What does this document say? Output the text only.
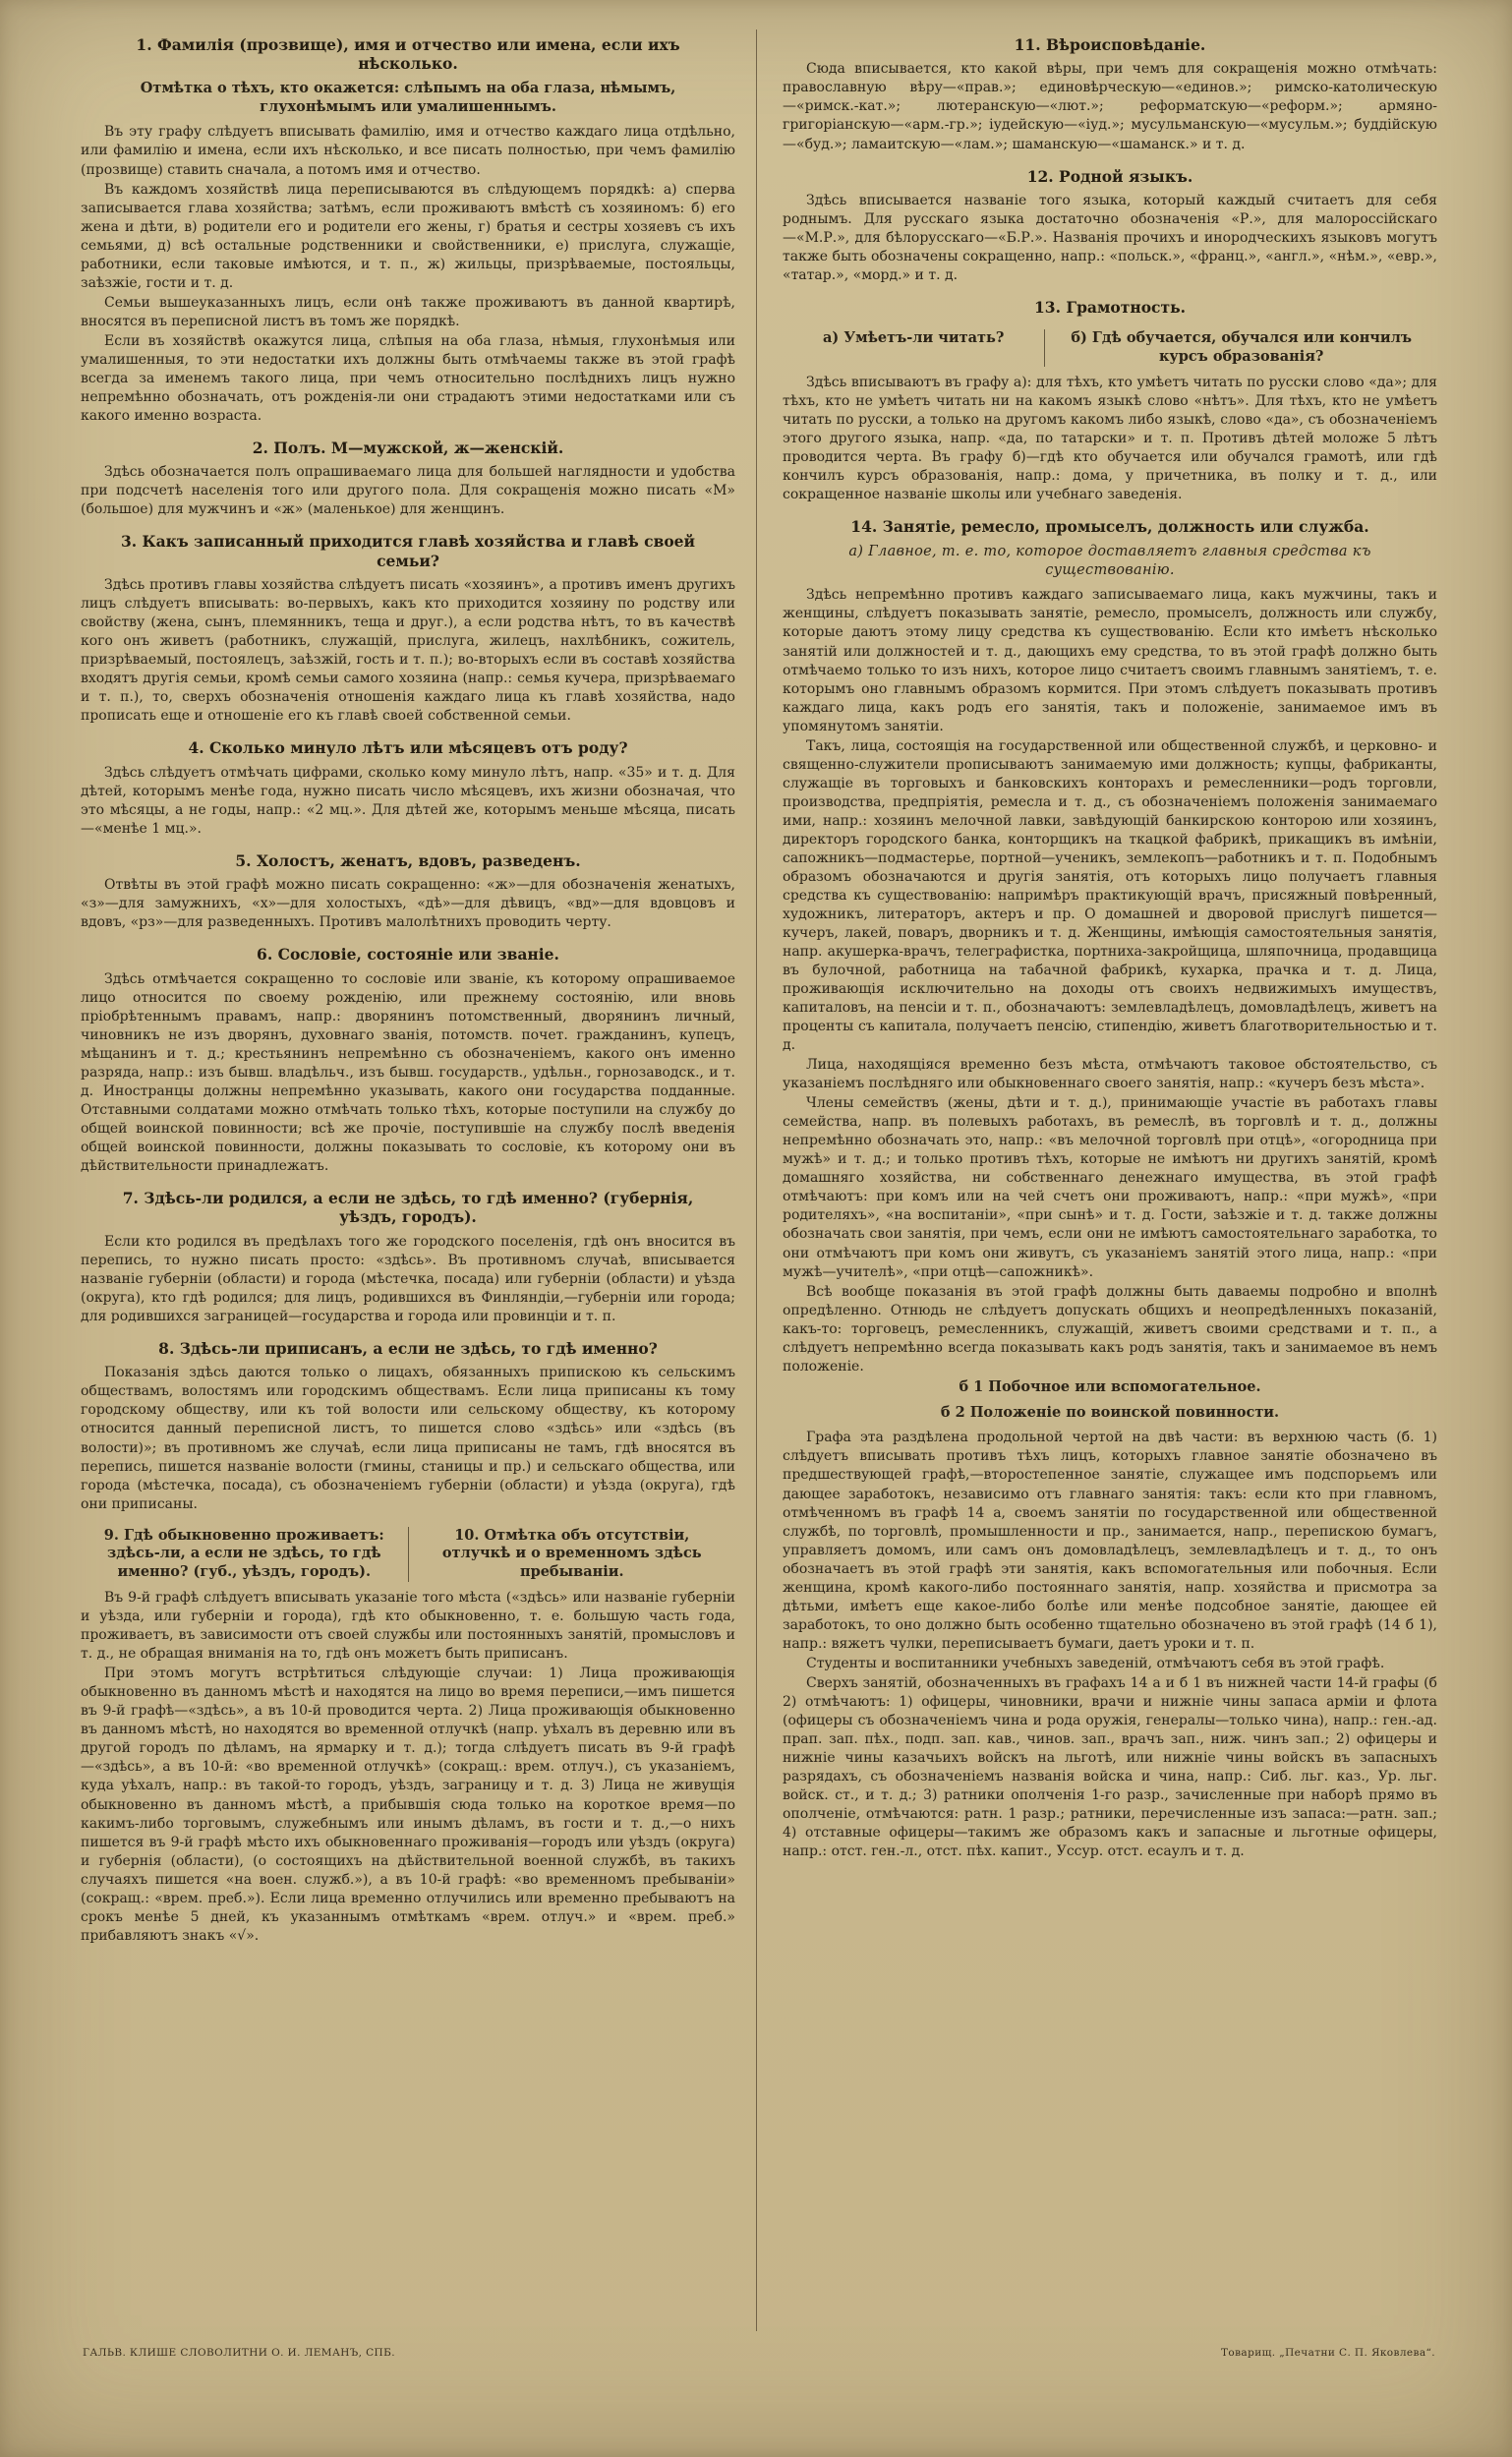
1. Фамилія (прозвище), имя и отчество или имена, если ихъ нѣсколько.
Отмѣтка о тѣхъ, кто окажется: слѣпымъ на оба глаза, нѣмымъ, глухонѣмымъ или умалишеннымъ.

Въ эту графу слѣдуетъ вписывать фамилію, имя и отчество каждаго лица отдѣльно, или фамилію и имена, если ихъ нѣсколько, и все писать полностью, при чемъ фамилію (прозвище) ставить сначала, а потомъ имя и отчество.

Въ каждомъ хозяйствѣ лица переписываются въ слѣдующемъ порядкѣ: а) сперва записывается глава хозяйства; затѣмъ, если проживаютъ вмѣстѣ съ хозяиномъ: б) его жена и дѣти, в) родители его и родители его жены, г) братья и сестры хозяевъ съ ихъ семьями, д) всѣ остальные родственники и свойственники, е) прислуга, служащіе, работники, если таковые имѣются, и т. п., ж) жильцы, призрѣваемые, постояльцы, заѣзжіе, гости и т. д.

Семьи вышеуказанныхъ лицъ, если онѣ также проживаютъ въ данной квартирѣ, вносятся въ переписной листъ въ томъ же порядкѣ.

Если въ хозяйствѣ окажутся лица, слѣпыя на оба глаза, нѣмыя, глухонѣмыя или умалишенныя, то эти недостатки ихъ должны быть отмѣчаемы также въ этой графѣ всегда за именемъ такого лица, при чемъ относительно послѣднихъ лицъ нужно непремѣнно обозначать, отъ рожденія-ли они страдаютъ этими недостатками или съ какого именно возраста.

2. Полъ. М—мужской, ж—женскій.

Здѣсь обозначается полъ опрашиваемаго лица для большей наглядности и удобства при подсчетѣ населенія того или другого пола. Для сокращенія можно писать «М» (большое) для мужчинъ и «ж» (маленькое) для женщинъ.

3. Какъ записанный приходится главѣ хозяйства и главѣ своей семьи?

Здѣсь противъ главы хозяйства слѣдуетъ писать «хозяинъ», а противъ именъ другихъ лицъ слѣдуетъ вписывать: во-первыхъ, какъ кто приходится хозяину по родству или свойству (жена, сынъ, племянникъ, теща и друг.), а если родства нѣтъ, то въ качествѣ кого онъ живетъ (работникъ, служащій, прислуга, жилецъ, нахлѣбникъ, сожитель, призрѣваемый, постоялецъ, заѣзжій, гость и т. п.); во-вторыхъ если въ составѣ хозяйства входятъ другія семьи, кромѣ семьи самого хозяина (напр.: семья кучера, призрѣваемаго и т. п.), то, сверхъ обозначенія отношенія каждаго лица къ главѣ хозяйства, надо прописать еще и отношеніе его къ главѣ своей собственной семьи.

4. Сколько минуло лѣтъ или мѣсяцевъ отъ роду?

Здѣсь слѣдуетъ отмѣчать цифрами, сколько кому минуло лѣтъ, напр. «35» и т. д. Для дѣтей, которымъ менѣе года, нужно писать число мѣсяцевъ, ихъ жизни обозначая, что это мѣсяцы, а не годы, напр.: «2 мц.». Для дѣтей же, которымъ меньше мѣсяца, писать—«менѣе 1 мц.».

5. Холостъ, женатъ, вдовъ, разведенъ.

Отвѣты въ этой графѣ можно писать сокращенно: «ж»—для обозначенія женатыхъ, «з»—для замужнихъ, «х»—для холостыхъ, «дѣ»—для дѣвицъ, «вд»—для вдовцовъ и вдовъ, «рз»—для разведенныхъ. Противъ малолѣтнихъ проводить черту.

6. Сословіе, состояніе или званіе.

Здѣсь отмѣчается сокращенно то сословіе или званіе, къ которому опрашиваемое лицо относится по своему рожденію, или прежнему состоянію, или вновь пріобрѣтеннымъ правамъ, напр.: дворянинъ потомственный, дворянинъ личный, чиновникъ не изъ дворянъ, духовнаго званія, потомств. почет. гражданинъ, купецъ, мѣщанинъ и т. д.; крестьянинъ непремѣнно съ обозначеніемъ, какого онъ именно разряда, напр.: изъ бывш. владѣльч., изъ бывш. государств., удѣльн., горнозаводск., и т. д. Иностранцы должны непремѣнно указывать, какого они государства подданные. Отставными солдатами можно отмѣчать только тѣхъ, которые поступили на службу до общей воинской повинности; всѣ же прочіе, поступившіе на службу послѣ введенія общей воинской повинности, должны показывать то сословіе, къ которому они въ дѣйствительности принадлежатъ.

7. Здѣсь-ли родился, а если не здѣсь, то гдѣ именно? (губернія, уѣздъ, городъ).

Если кто родился въ предѣлахъ того же городского поселенія, гдѣ онъ вносится въ перепись, то нужно писать просто: «здѣсь». Въ противномъ случаѣ, вписывается названіе губерніи (области) и города (мѣстечка, посада) или губерніи (области) и уѣзда (округа), кто гдѣ родился; для лицъ, родившихся въ Финляндіи,—губерніи или города; для родившихся заграницей—государства и города или провинціи и т. п.

8. Здѣсь-ли приписанъ, а если не здѣсь, то гдѣ именно?

Показанія здѣсь даются только о лицахъ, обязанныхъ припискою къ сельскимъ обществамъ, волостямъ или городскимъ обществамъ. Если лица приписаны къ тому городскому обществу, или къ той волости или сельскому обществу, къ которому относится данный переписной листъ, то пишется слово «здѣсь» или «здѣсь (въ волости)»; въ противномъ же случаѣ, если лица приписаны не тамъ, гдѣ вносятся въ перепись, пишется названіе волости (гмины, станицы и пр.) и сельскаго общества, или города (мѣстечка, посада), съ обозначеніемъ губерніи (области) и уѣзда (округа), гдѣ они приписаны.

9. Гдѣ обыкновенно проживаетъ: здѣсь-ли, а если не здѣсь, то гдѣ именно? (губ., уѣздъ, городъ).
10. Отмѣтка объ отсутствіи, отлучкѣ и о временномъ здѣсь пребываніи.

Въ 9-й графѣ слѣдуетъ вписывать указаніе того мѣста («здѣсь» или названіе губерніи и уѣзда, или губерніи и города), гдѣ кто обыкновенно, т. е. большую часть года, проживаетъ, въ зависимости отъ своей службы или постоянныхъ занятій, промысловъ и т. д., не обращая вниманія на то, гдѣ онъ можетъ быть приписанъ.

При этомъ могутъ встрѣтиться слѣдующіе случаи: 1) Лица проживающія обыкновенно въ данномъ мѣстѣ и находятся на лицо во время переписи,—имъ пишется въ 9-й графѣ—«здѣсь», а въ 10-й проводится черта. 2) Лица проживающія обыкновенно въ данномъ мѣстѣ, но находятся во временной отлучкѣ (напр. уѣхалъ въ деревню или въ другой городъ по дѣламъ, на ярмарку и т. д.); тогда слѣдуетъ писать въ 9-й графѣ—«здѣсь», а въ 10-й: «во временной отлучкѣ» (сокращ.: врем. отлуч.), съ указаніемъ, куда уѣхалъ, напр.: въ такой-то городъ, уѣздъ, заграницу и т. д. 3) Лица не живущія обыкновенно въ данномъ мѣстѣ, а прибывшія сюда только на короткое время—по какимъ-либо торговымъ, служебнымъ или инымъ дѣламъ, въ гости и т. д.,—о нихъ пишется въ 9-й графѣ мѣсто ихъ обыкновеннаго проживанія—городъ или уѣздъ (округа) и губернія (области), (о состоящихъ на дѣйствительной военной службѣ, въ такихъ случаяхъ пишется «на воен. служб.»), а въ 10-й графѣ: «во временномъ пребываніи» (сокращ.: «врем. преб.»). Если лица временно отлучились или временно пребываютъ на срокъ менѣе 5 дней, къ указаннымъ отмѣткамъ «врем. отлуч.» и «врем. преб.» прибавляютъ знакъ «√».

11. Вѣроисповѣданіе.

Сюда вписывается, кто какой вѣры, при чемъ для сокращенія можно отмѣчать: православную вѣру—«прав.»; единовѣрческую—«единов.»; римско-католическую—«римск.-кат.»; лютеранскую—«лют.»; реформатскую—«реформ.»; армяно-григоріанскую—«арм.-гр.»; іудейскую—«іуд.»; мусульманскую—«мусульм.»; буддійскую—«буд.»; ламаитскую—«лам.»; шаманскую—«шаманск.» и т. д.

12. Родной языкъ.

Здѣсь вписывается названіе того языка, который каждый считаетъ для себя роднымъ. Для русскаго языка достаточно обозначенія «Р.», для малороссійскаго—«М.Р.», для бѣлорусскаго—«Б.Р.». Названія прочихъ и инородческихъ языковъ могутъ также быть обозначены сокращенно, напр.: «польск.», «франц.», «англ.», «нѣм.», «евр.», «татар.», «морд.» и т. д.

13. Грамотность.
а) Умѣетъ-ли читать?	б) Гдѣ обучается, обучался или кончилъ курсъ образованія?

Здѣсь вписываютъ въ графу а): для тѣхъ, кто умѣетъ читать по русски слово «да»; для тѣхъ, кто не умѣетъ читать ни на какомъ языкѣ слово «нѣтъ». Для тѣхъ, кто не умѣетъ читать по русски, а только на другомъ какомъ либо языкѣ, слово «да», съ обозначеніемъ этого другого языка, напр. «да, по татарски» и т. п. Противъ дѣтей моложе 5 лѣтъ проводится черта. Въ графу б)—гдѣ кто обучается или обучался грамотѣ, или гдѣ кончилъ курсъ образованія, напр.: дома, у причетника, въ полку и т. д., или сокращенное названіе школы или учебнаго заведенія.

14. Занятіе, ремесло, промыселъ, должность или служба.
а) Главное, т. е. то, которое доставляетъ главныя средства къ существованію.

Здѣсь непремѣнно противъ каждаго записываемаго лица, какъ мужчины, такъ и женщины, слѣдуетъ показывать занятіе, ремесло, промыселъ, должность или службу, которые даютъ этому лицу средства къ существованію. Если кто имѣетъ нѣсколько занятій или должностей и т. д., дающихъ ему средства, то въ этой графѣ должно быть отмѣчаемо только то изъ нихъ, которое лицо считаетъ своимъ главнымъ занятіемъ, т. е. которымъ оно главнымъ образомъ кормится. При этомъ слѣдуетъ показывать противъ каждаго лица, какъ родъ его занятія, такъ и положеніе, занимаемое имъ въ упомянутомъ занятіи.

Такъ, лица, состоящія на государственной или общественной службѣ, и церковно- и священно-служители прописываютъ занимаемую ими должность; купцы, фабриканты, служащіе въ торговыхъ и банковскихъ конторахъ и ремесленники—родъ торговли, производства, предпріятія, ремесла и т. д., съ обозначеніемъ положенія занимаемаго ими, напр.: хозяинъ мелочной лавки, завѣдующій банкирскою конторою или хозяинъ, директоръ городского банка, конторщикъ на ткацкой фабрикѣ, прикащикъ въ имѣніи, сапожникъ—подмастерье, портной—ученикъ, землекопъ—работникъ и т. п. Подобнымъ образомъ обозначаются и другія занятія, отъ которыхъ лицо получаетъ главныя средства къ существованію: напримѣръ практикующій врачъ, присяжный повѣренный, художникъ, литераторъ, актеръ и пр. О домашней и дворовой прислугѣ пишется—кучеръ, лакей, поваръ, дворникъ и т. д. Женщины, имѣющія самостоятельныя занятія, напр. акушерка-врачъ, телеграфистка, портниха-закройщица, шляпочница, продавщица въ булочной, работница на табачной фабрикѣ, кухарка, прачка и т. д. Лица, проживающія исключительно на доходы отъ своихъ недвижимыхъ имуществъ, капиталовъ, на пенсіи и т. п., обозначаютъ: землевладѣлецъ, домовладѣлецъ, живетъ на проценты съ капитала, получаетъ пенсію, стипендію, живетъ благотворительностью и т. д.

Лица, находящіяся временно безъ мѣста, отмѣчаютъ таковое обстоятельство, съ указаніемъ послѣдняго или обыкновеннаго своего занятія, напр.: «кучеръ безъ мѣста».

Члены семействъ (жены, дѣти и т. д.), принимающіе участіе въ работахъ главы семейства, напр. въ полевыхъ работахъ, въ ремеслѣ, въ торговлѣ и т. д., должны непремѣнно обозначать это, напр.: «въ мелочной торговлѣ при отцѣ», «огородница при мужѣ» и т. д.; и только противъ тѣхъ, которые не имѣютъ ни другихъ занятій, кромѣ домашняго хозяйства, ни собственнаго денежнаго имущества, въ этой графѣ отмѣчаютъ: при комъ или на чей счетъ они проживаютъ, напр.: «при мужѣ», «при родителяхъ», «на воспитаніи», «при сынѣ» и т. д. Гости, заѣзжіе и т. д. также должны обозначать свои занятія, при чемъ, если они не имѣютъ самостоятельнаго заработка, то они отмѣчаютъ при комъ они живутъ, съ указаніемъ занятій этого лица, напр.: «при мужѣ—учителѣ», «при отцѣ—сапожникѣ».

Всѣ вообще показанія въ этой графѣ должны быть даваемы подробно и вполнѣ опредѣленно. Отнюдь не слѣдуетъ допускать общихъ и неопредѣленныхъ показаній, какъ-то: торговецъ, ремесленникъ, служащій, живетъ своими средствами и т. п., а слѣдуетъ непремѣнно всегда показывать какъ родъ занятія, такъ и занимаемое въ немъ положеніе.

б 1 Побочное или вспомогательное.
б 2 Положеніе по воинской повинности.

Графа эта раздѣлена продольной чертой на двѣ части: въ верхнюю часть (б. 1) слѣдуетъ вписывать противъ тѣхъ лицъ, которыхъ главное занятіе обозначено въ предшествующей графѣ,—второстепенное занятіе, служащее имъ подспорьемъ или дающее заработокъ, независимо отъ главнаго занятія: такъ: если кто при главномъ, отмѣченномъ въ графѣ 14 а, своемъ занятіи по государственной или общественной службѣ, по торговлѣ, промышленности и пр., занимается, напр., перепискою бумагъ, управляетъ домомъ, или самъ онъ домовладѣлецъ, землевладѣлецъ и т. д., то онъ обозначаетъ въ этой графѣ эти занятія, какъ вспомогательныя или побочныя. Если женщина, кромѣ какого-либо постояннаго занятія, напр. хозяйства и присмотра за дѣтьми, имѣетъ еще какое-либо болѣе или менѣе подсобное занятіе, дающее ей заработокъ, то оно должно быть особенно тщательно обозначено въ этой графѣ (14 б 1), напр.: вяжетъ чулки, переписываетъ бумаги, даетъ уроки и т. п.

Студенты и воспитанники учебныхъ заведеній, отмѣчаютъ себя въ этой графѣ.

Сверхъ занятій, обозначенныхъ въ графахъ 14 а и б 1 въ нижней части 14-й графы (б 2) отмѣчаютъ: 1) офицеры, чиновники, врачи и нижніе чины запаса арміи и флота (офицеры съ обозначеніемъ чина и рода оружія, генералы—только чина), напр.: ген.-ад. прап. зап. пѣх., подп. зап. кав., чинов. зап., врачъ зап., ниж. чинъ зап.; 2) офицеры и нижніе чины казачьихъ войскъ на льготѣ, или нижніе чины войскъ въ запасныхъ разрядахъ, съ обозначеніемъ названія войска и чина, напр.: Сиб. льг. каз., Ур. льг. войск. ст., и т. д.; 3) ратники ополченія 1-го разр., зачисленные при наборѣ прямо въ ополченіе, отмѣчаются: ратн. 1 разр.; ратники, перечисленные изъ запаса:—ратн. зап.; 4) отставные офицеры—такимъ же образомъ какъ и запасные и льготные офицеры, напр.: отст. ген.-л., отст. пѣх. капит., Уссур. отст. есаулъ и т. д.

ГАЛЬВ. КЛИШЕ СЛОВОЛИТНИ О. И. ЛЕМАНЪ, СПБ.	Товарищ. „Печатни С. П. Яковлева“.
